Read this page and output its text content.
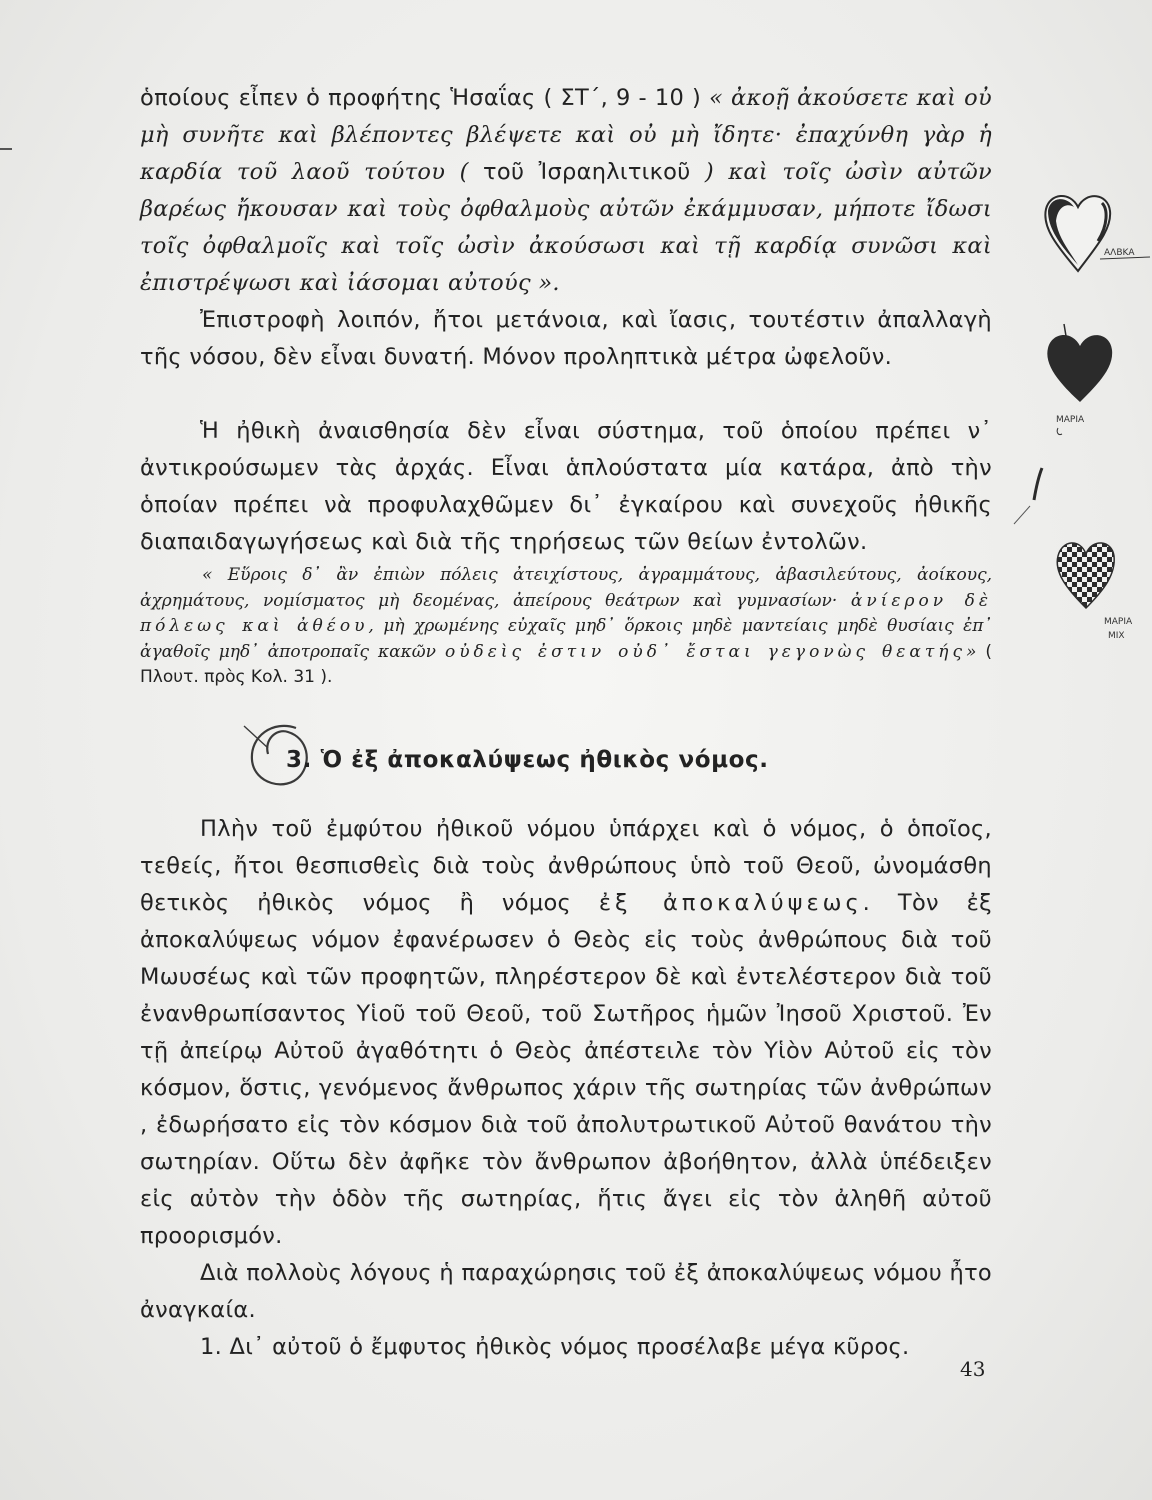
ὁποίους εἶπεν ὁ προφήτης Ἡσαΐας ( ΣΤ΄, 9 - 10 ) « ἀκοῇ ἀκούσετε καὶ οὐ μὴ συνῆτε καὶ βλέποντες βλέψετε καὶ οὐ μὴ ἴδητε· ἐπαχύνθη γὰρ ἡ καρδία τοῦ λαοῦ τούτου ( τοῦ Ἰσραηλιτικοῦ ) καὶ τοῖς ὠσὶν αὐτῶν βαρέως ἤκουσαν καὶ τοὺς ὀφθαλμοὺς αὐτῶν ἐκάμμυσαν, μήποτε ἴδωσι τοῖς ὀφθαλμοῖς καὶ τοῖς ὠσὶν ἀκούσωσι καὶ τῇ καρδίᾳ συνῶσι καὶ ἐπιστρέψωσι καὶ ἰάσομαι αὐτούς ».

Ἐπιστροφὴ λοιπόν, ἤτοι μετάνοια, καὶ ἴασις, τουτέστιν ἀπαλλαγὴ τῆς νόσου, δὲν εἶναι δυνατή. Μόνον προληπτικὰ μέτρα ὠφελοῦν.

Ἡ ἠθικὴ ἀναισθησία δὲν εἶναι σύστημα, τοῦ ὁποίου πρέπει ν᾿ ἀντικρούσωμεν τὰς ἀρχάς. Εἶναι ἁπλούστατα μία κατάρα, ἀπὸ τὴν ὁποίαν πρέπει νὰ προφυλαχθῶμεν δι᾿ ἐγκαίρου καὶ συνεχοῦς ἠθικῆς διαπαιδαγωγήσεως καὶ διὰ τῆς τηρήσεως τῶν θείων ἐντολῶν.

« Εὕροις δ᾿ ἂν ἐπιὼν πόλεις ἀτειχίστους, ἀγραμμάτους, ἀβασιλεύτους, ἀοίκους, ἀχρημάτους, νομίσματος μὴ δεομένας, ἀπείρους θεάτρων καὶ γυμνασίων· ἀνίερον δὲ πόλεως καὶ ἀθέου, μὴ χρωμένης εὐχαῖς μηδ᾿ ὅρκοις μηδὲ μαντείαις μηδὲ θυσίαις ἐπ᾿ ἀγαθοῖς μηδ᾿ ἀποτροπαῖς κακῶν οὐδεὶς ἐστιν οὐδ᾿ ἔσται γεγονὼς θεατής» ( Πλουτ. πρὸς Κολ. 31 ).

3. Ὁ ἐξ ἀποκαλύψεως ἠθικὸς νόμος.

Πλὴν τοῦ ἐμφύτου ἠθικοῦ νόμου ὑπάρχει καὶ ὁ νόμος, ὁ ὁποῖος, τεθείς, ἤτοι θεσπισθεὶς διὰ τοὺς ἀνθρώπους ὑπὸ τοῦ Θεοῦ, ὠνομάσθη θετικὸς ἠθικὸς νόμος ἢ νόμος ἐξ ἀποκαλύψεως. Τὸν ἐξ ἀποκαλύψεως νόμον ἐφανέρωσεν ὁ Θεὸς εἰς τοὺς ἀνθρώπους διὰ τοῦ Μωυσέως καὶ τῶν προφητῶν, πληρέστερον δὲ καὶ ἐντελέστερον διὰ τοῦ ἐνανθρωπίσαντος Υἱοῦ τοῦ Θεοῦ, τοῦ Σωτῆρος ἡμῶν Ἰησοῦ Χριστοῦ. Ἐν τῇ ἀπείρῳ Αὐτοῦ ἀγαθότητι ὁ Θεὸς ἀπέστειλε τὸν Υἱὸν Αὐτοῦ εἰς τὸν κόσμον, ὅστις, γενόμενος ἄνθρωπος χάριν τῆς σωτηρίας τῶν ἀνθρώπων , ἐδωρήσατο εἰς τὸν κόσμον διὰ τοῦ ἀπολυτρωτικοῦ Αὐτοῦ θανάτου τὴν σωτηρίαν. Οὕτω δὲν ἀφῆκε τὸν ἄνθρωπον ἀβοήθητον, ἀλλὰ ὑπέδειξεν εἰς αὐτὸν τὴν ὁδὸν τῆς σωτηρίας, ἥτις ἄγει εἰς τὸν ἀληθῆ αὐτοῦ προορισμόν.

Διὰ πολλοὺς λόγους ἡ παραχώρησις τοῦ ἐξ ἀποκαλύψεως νόμου ἦτο ἀναγκαία.

1. Δι᾿ αὐτοῦ ὁ ἔμφυτος ἠθικὸς νόμος προσέλαβε μέγα κῦρος.

43
ΑΛΒΚΑ
ΜΑΡΙΑ
ΜΑΡΙΑ
ΜΙΧ
